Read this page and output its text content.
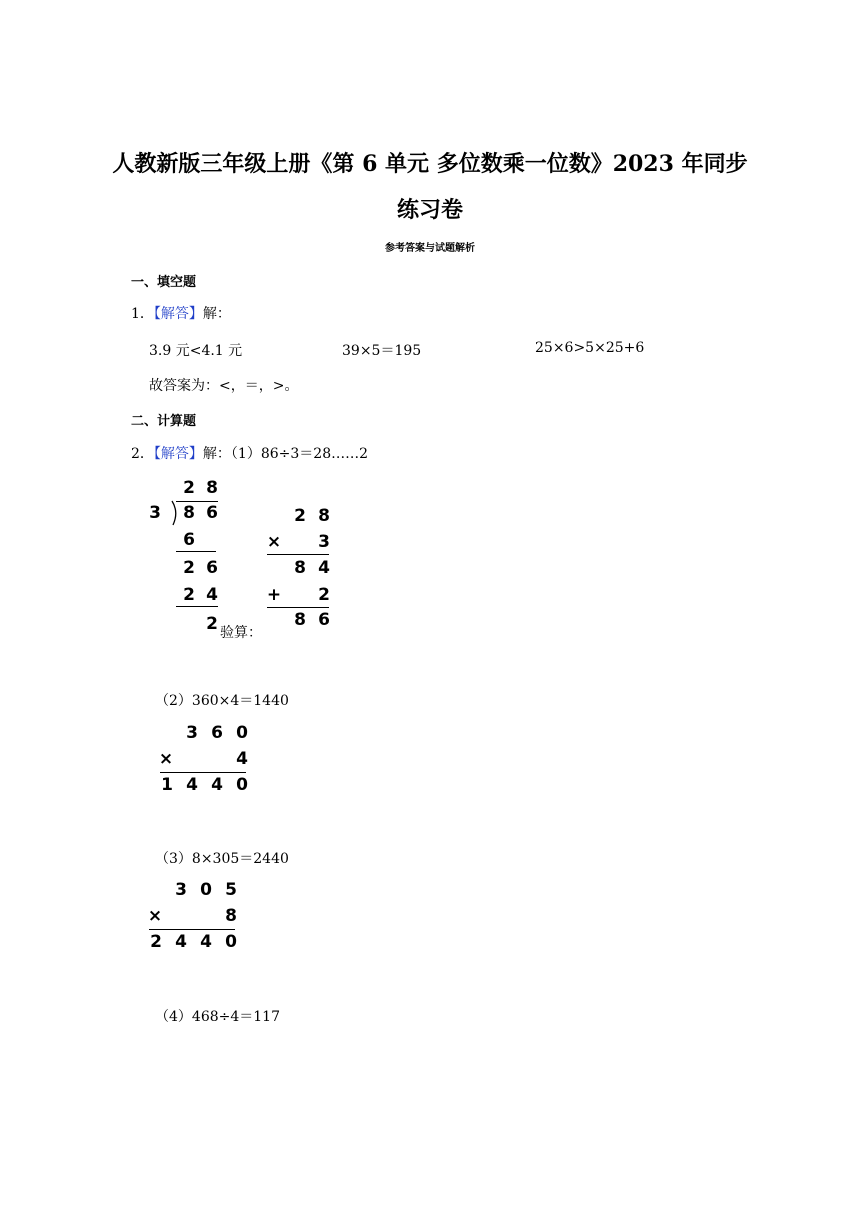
人教新版三年级上册《第 6 单元 多位数乘一位数》2023 年同步
练习卷
参考答案与试题解析
一、填空题
1．【解答】解：
3.9 元<4.1 元	39×5＝195	25×6>5×25+6
故答案为：<，＝，>。
二、计算题
2．【解答】解：（1）86÷3＝28……2
2 8
3 8 6
6
2 6
2 4
2 验算：
2 8
× 3
8 4
+ 2
8 6
（2）360×4＝1440
3 6 0
×	4
1 4 4 0
（3）8×305＝2440
3 0 5
×	8
2 4 4 0
（4）468÷4＝117
